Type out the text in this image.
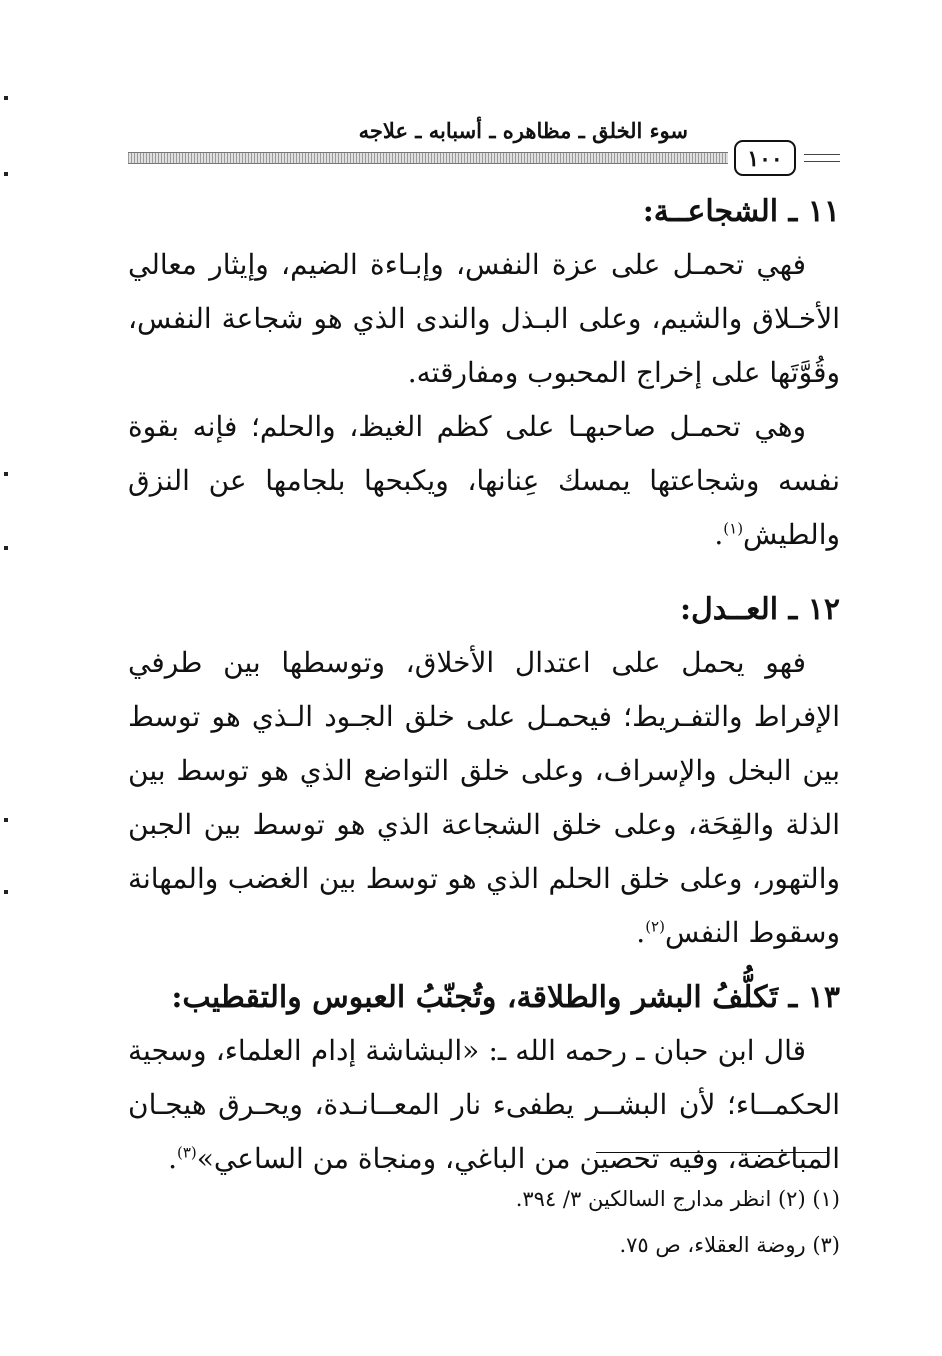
سوء الخلق ـ مظاهره ـ أسبابه ـ علاجه
١٠٠
١١ ـ الشجاعــة:

فهي تحمـل على عزة النفس، وإبـاءة الضيم، وإيثار معالي الأخـلاق والشيم، وعلى البـذل والندى الذي هو شجاعة النفس، وقُوَّتَها على إخراج المحبوب ومفارقته.

وهي تحمـل صاحبهـا على كظم الغيظ، والحلم؛ فإنه بقوة نفسه وشجاعتها يمسك عِنانها، ويكبحها بلجامها عن النزق والطيش$^{(١)}$.

١٢ ـ العــدل:

فهو يحمل على اعتدال الأخلاق، وتوسطها بين طرفي الإفراط والتفـريط؛ فيحمـل على خلق الجـود الـذي هو توسط بين البخل والإسراف، وعلى خلق التواضع الذي هو توسط بين الذلة والقِحَة، وعلى خلق الشجاعة الذي هو توسط بين الجبن والتهور، وعلى خلق الحلم الذي هو توسط بين الغضب والمهانة وسقوط النفس$^{(٢)}$.

١٣ ـ تَكلُّفُ البشر والطلاقة، وتُجنّبُ العبوس والتقطيب:

قال ابن حبان ـ رحمه الله ـ: «البشاشة إدام العلماء، وسجية الحكمــاء؛ لأن البشــر يطفىء نار المعــانـدة، ويحـرق هيجـان المباغضة، وفيه تحصين من الباغي، ومنجاة من الساعي»$^{(٣)}$.

(١) (٢) انظر مدارج السالكين ٣/ ٣٩٤.

(٣) روضة العقلاء، ص ٧٥.
